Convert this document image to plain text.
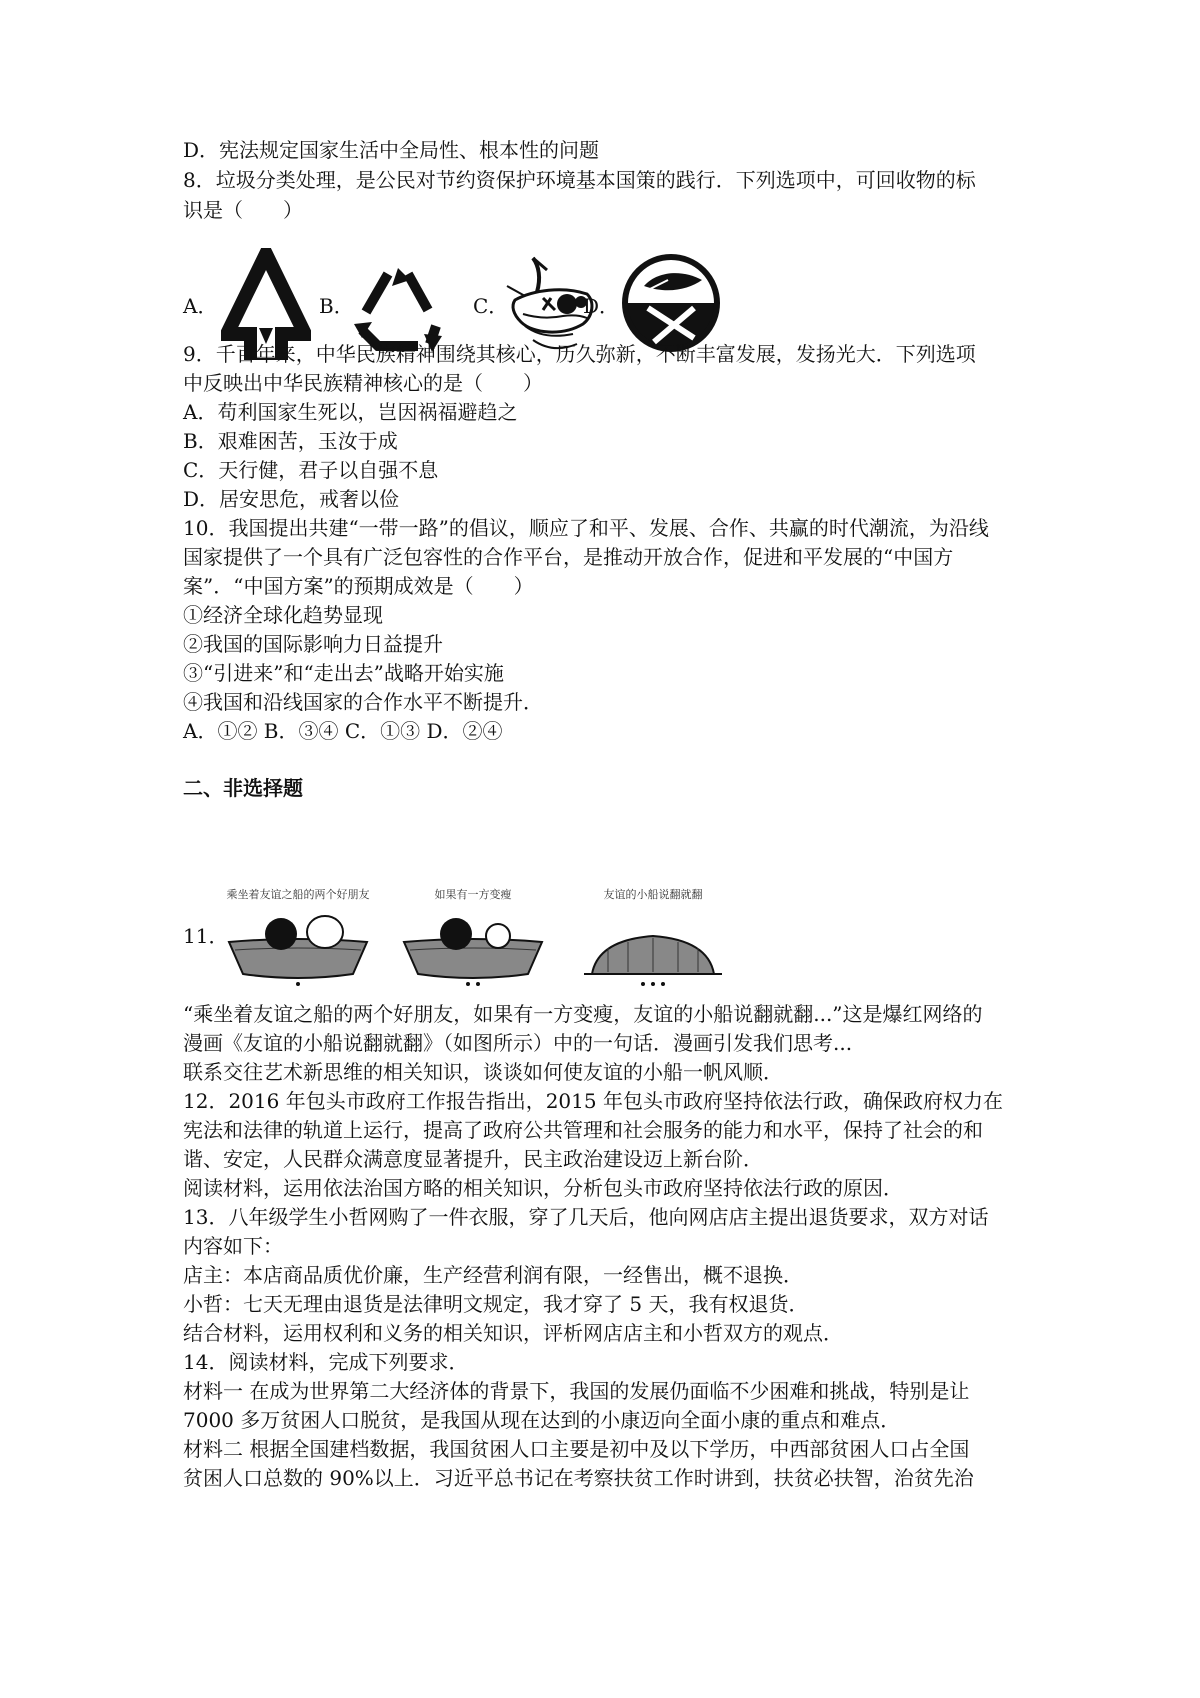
D．宪法规定国家生活中全局性、根本性的问题
8．垃圾分类处理，是公民对节约资保护环境基本国策的践行．下列选项中，可回收物的标
识是（　　）
A．	B．	C．	D．
9．千百年来，中华民族精神围绕其核心，历久弥新，不断丰富发展，发扬光大．下列选项
中反映出中华民族精神核心的是（　　）
A．苟利国家生死以，岂因祸福避趋之
B．艰难困苦，玉汝于成
C．天行健，君子以自强不息
D．居安思危，戒奢以俭
10．我国提出共建“一带一路”的倡议，顺应了和平、发展、合作、共赢的时代潮流，为沿线
国家提供了一个具有广泛包容性的合作平台，是推动开放合作，促进和平发展的“中国方
案”．“中国方案”的预期成效是（　　）
①经济全球化趋势显现
②我国的国际影响力日益提升
③“引进来”和“走出去”战略开始实施
④我国和沿线国家的合作水平不断提升．
A．①② B．③④ C．①③ D．②④
二、非选择题
11．
乘坐着友谊之船的两个好朋友	如果有一方变瘦	友谊的小船说翻就翻
“乘坐着友谊之船的两个好朋友，如果有一方变瘦，友谊的小船说翻就翻...”这是爆红网络的
漫画《友谊的小船说翻就翻》（如图所示）中的一句话．漫画引发我们思考...
联系交往艺术新思维的相关知识，谈谈如何使友谊的小船一帆风顺．
12．2016 年包头市政府工作报告指出，2015 年包头市政府坚持依法行政，确保政府权力在
宪法和法律的轨道上运行，提高了政府公共管理和社会服务的能力和水平，保持了社会的和
谐、安定，人民群众满意度显著提升，民主政治建设迈上新台阶．
阅读材料，运用依法治国方略的相关知识，分析包头市政府坚持依法行政的原因．
13．八年级学生小哲网购了一件衣服，穿了几天后，他向网店店主提出退货要求，双方对话
内容如下：
店主：本店商品质优价廉，生产经营利润有限，一经售出，概不退换．
小哲：七天无理由退货是法律明文规定，我才穿了 5 天，我有权退货．
结合材料，运用权利和义务的相关知识，评析网店店主和小哲双方的观点．
14．阅读材料，完成下列要求．
材料一 在成为世界第二大经济体的背景下，我国的发展仍面临不少困难和挑战，特别是让
7000 多万贫困人口脱贫，是我国从现在达到的小康迈向全面小康的重点和难点．
材料二 根据全国建档数据，我国贫困人口主要是初中及以下学历，中西部贫困人口占全国
贫困人口总数的 90%以上．习近平总书记在考察扶贫工作时讲到，扶贫必扶智，治贫先治
